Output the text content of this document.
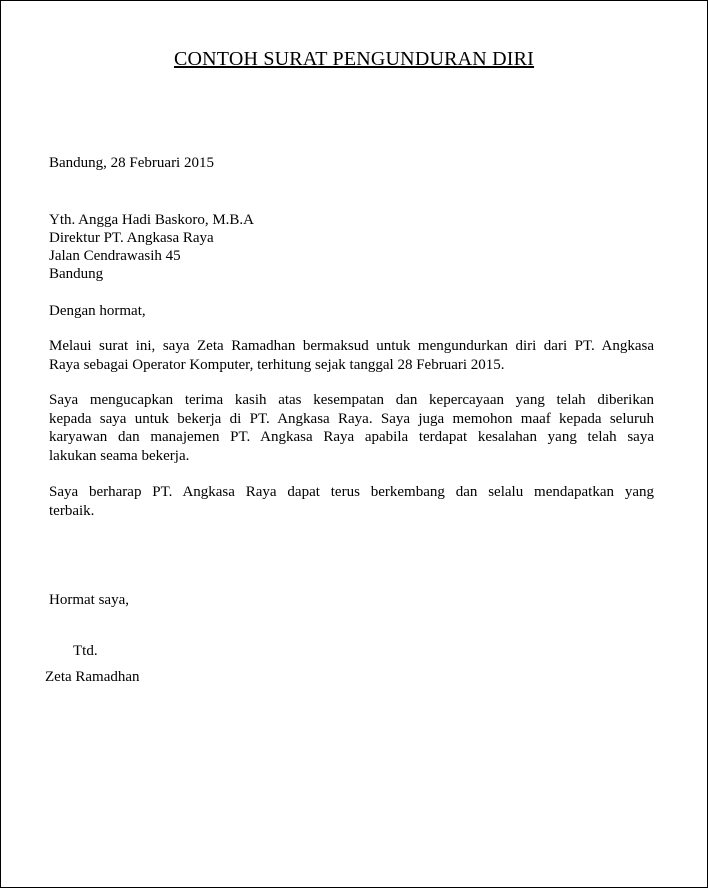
CONTOH SURAT PENGUNDURAN DIRI
Bandung, 28 Februari 2015
Yth. Angga Hadi Baskoro, M.B.A
Direktur PT. Angkasa Raya
Jalan Cendrawasih 45
Bandung
Dengan hormat,
Melaui surat ini, saya Zeta Ramadhan bermaksud untuk mengundurkan diri dari PT. Angkasa
Raya sebagai Operator Komputer, terhitung sejak tanggal 28 Februari 2015.
Saya mengucapkan terima kasih atas kesempatan dan kepercayaan yang telah diberikan
kepada saya untuk bekerja di PT. Angkasa Raya. Saya juga memohon maaf kepada seluruh
karyawan dan manajemen PT. Angkasa Raya apabila terdapat kesalahan yang telah saya
lakukan seama bekerja.
Saya berharap PT. Angkasa Raya dapat terus berkembang dan selalu mendapatkan yang
terbaik.
Hormat saya,
Ttd.
Zeta Ramadhan
